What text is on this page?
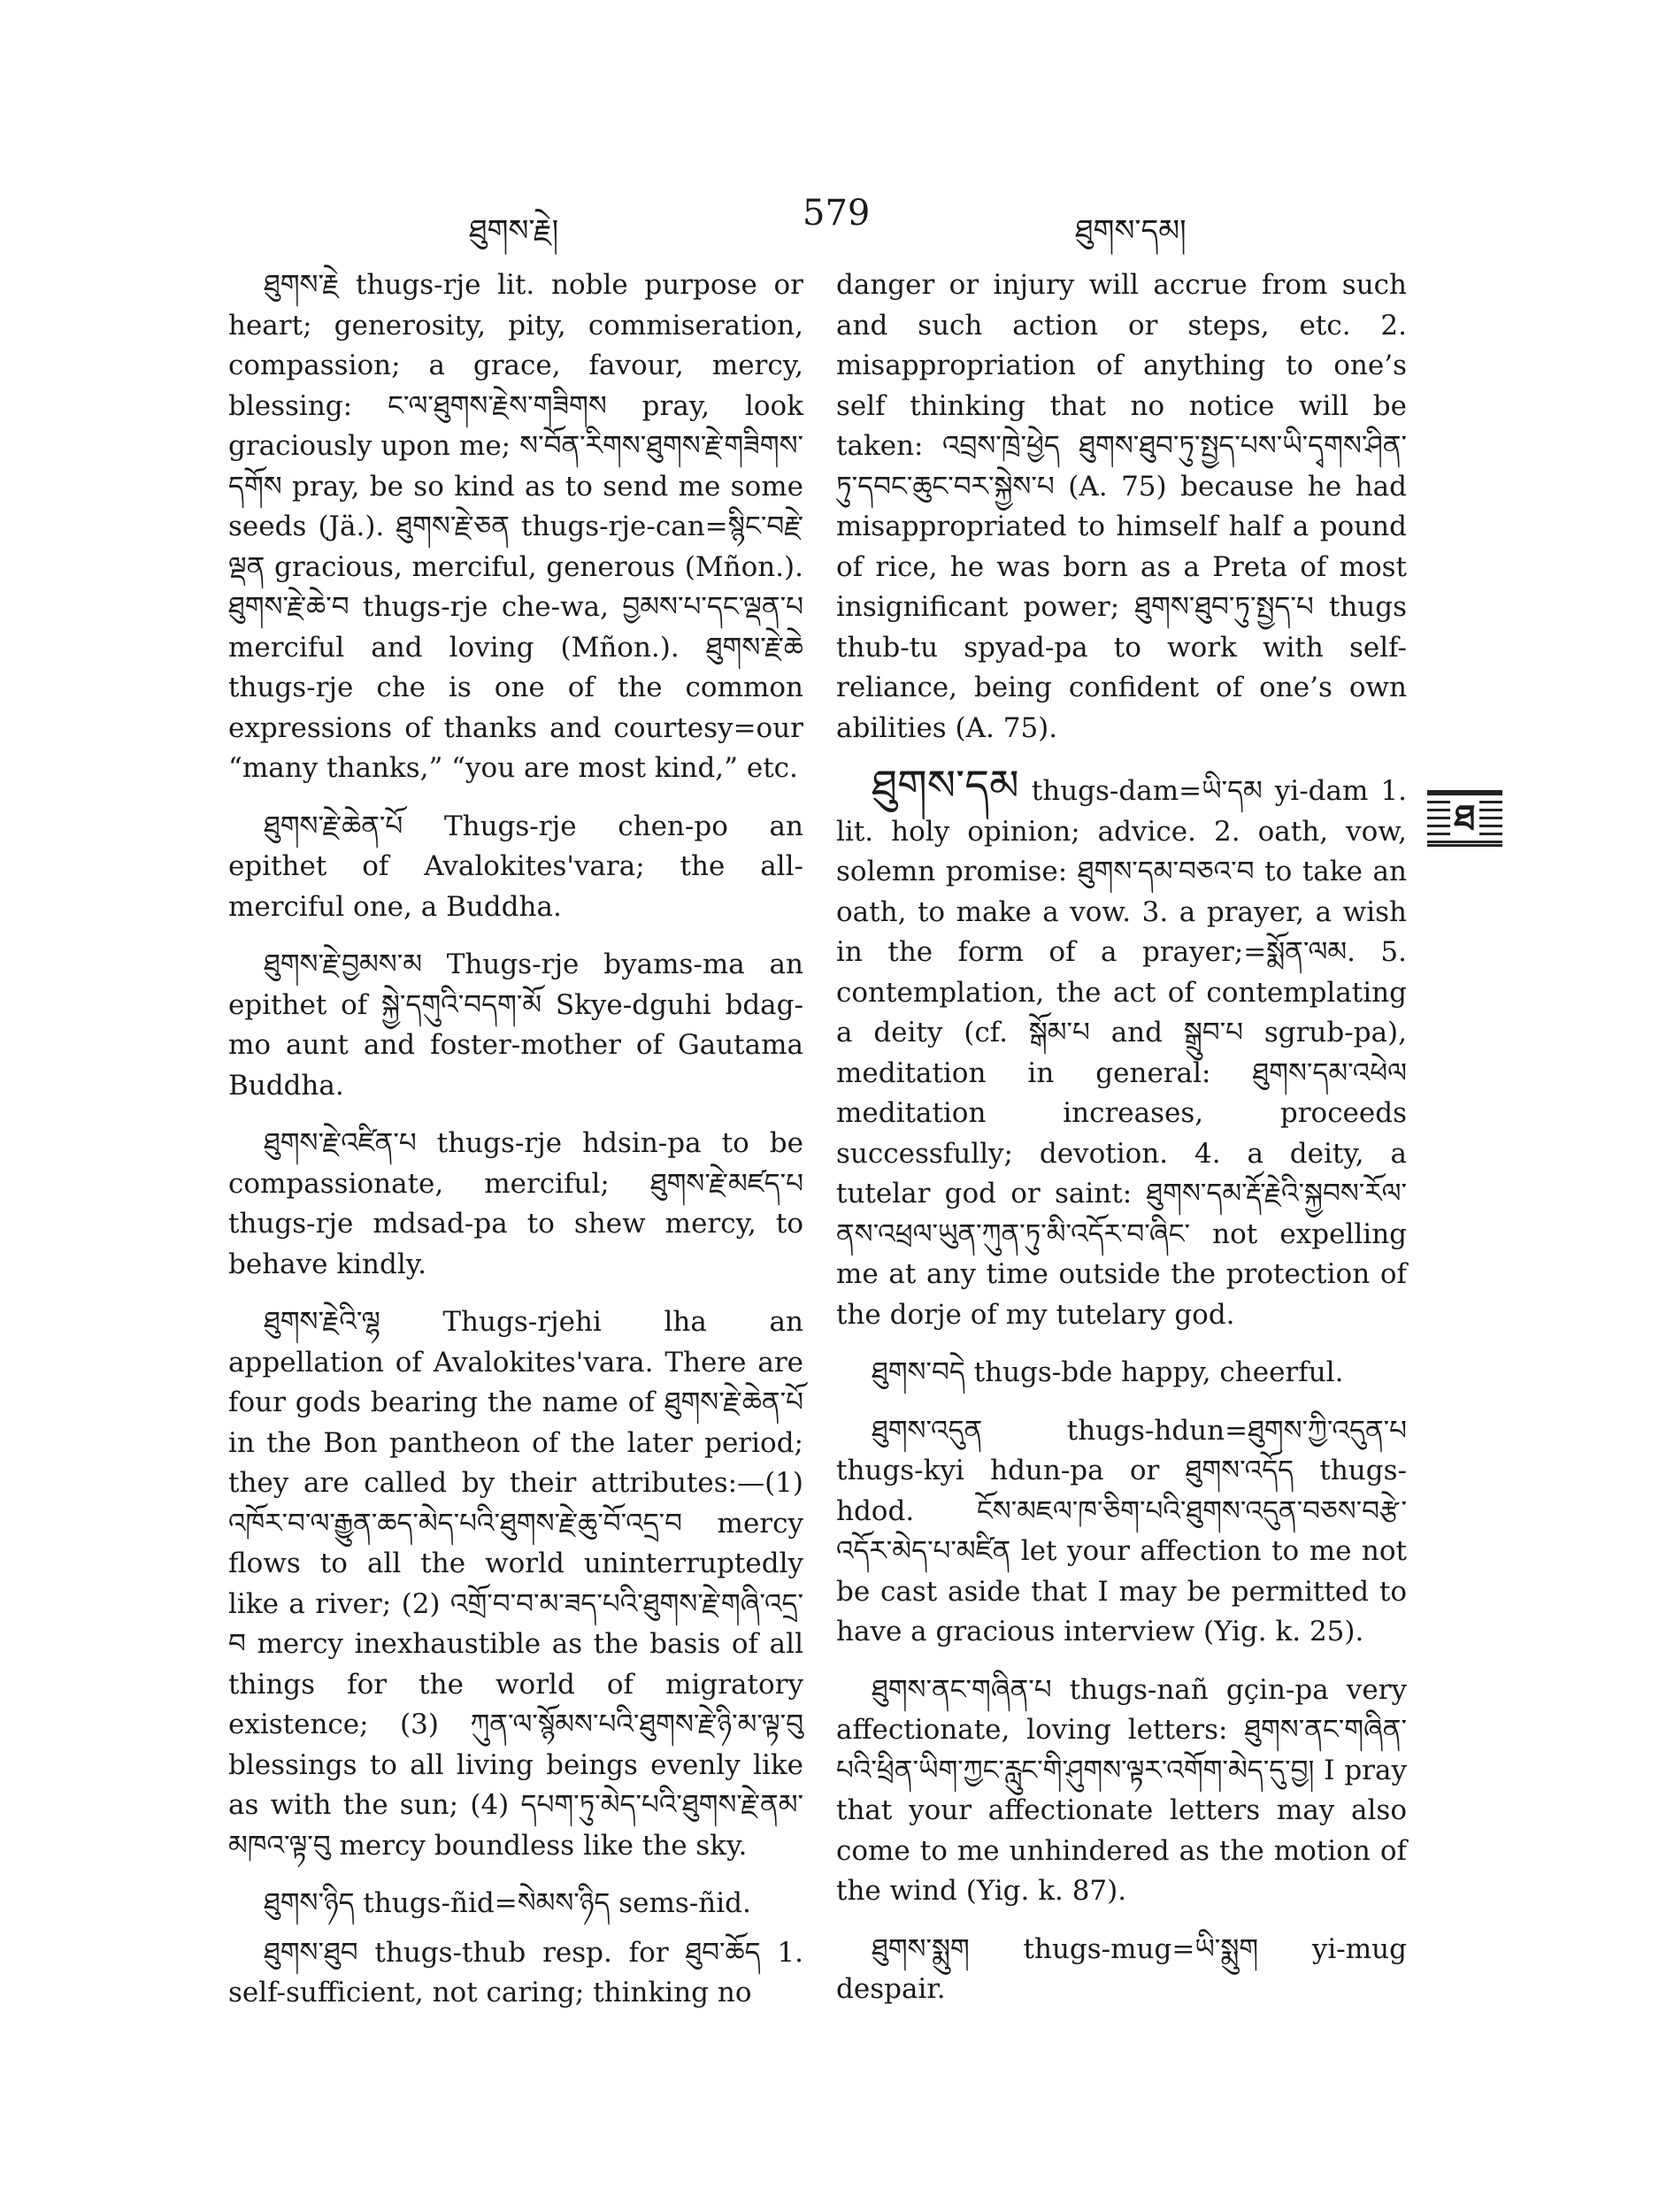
ཐུགས་རྗེ།	579	ཐུགས་དམ།

ཐུགས་རྗེ thugs-rje lit. noble purpose or heart; generosity, pity, commiseration, compassion; a grace, favour, mercy, blessing: ང་ལ་ཐུགས་རྗེས་གཟིགས pray, look graciously upon me; ས་བོན་རིགས་ཐུགས་རྗེ་གཟིགས་དགོས pray, be so kind as to send me some seeds (Jä.). ཐུགས་རྗེ་ཅན thugs-rje-can=སྙིང་བརྗེ་ལྡན gracious, merciful, generous (Mñon.). ཐུགས་རྗེ་ཆེ་བ thugs-rje che-wa, བྱམས་པ་དང་ལྡན་པ merciful and loving (Mñon.). ཐུགས་རྗེ་ཆེ thugs-rje che is one of the common expressions of thanks and courtesy=our “many thanks,” “you are most kind,” etc.

ཐུགས་རྗེ་ཆེན་པོ Thugs-rje chen-po an epithet of Avalokites'vara; the all-merciful one, a Buddha.

ཐུགས་རྗེ་བྱམས་མ Thugs-rje byams-ma an epithet of སྐྱེ་དགུའི་བདག་མོ Skye-dguhi bdag-mo aunt and foster-mother of Gautama Buddha.

ཐུགས་རྗེ་འཛིན་པ thugs-rje hdsin-pa to be compassionate, merciful; ཐུགས་རྗེ་མཛད་པ thugs-rje mdsad-pa to shew mercy, to behave kindly.

ཐུགས་རྗེའི་ལྷ Thugs-rjehi lha an appellation of Avalokites'vara. There are four gods bearing the name of ཐུགས་རྗེ་ཆེན་པོ in the Bon pantheon of the later period; they are called by their attributes:—(1) འཁོར་བ་ལ་རྒྱུན་ཆད་མེད་པའི་ཐུགས་རྗེ་ཆུ་བོ་འདྲ་བ mercy flows to all the world uninterruptedly like a river; (2) འགྲོ་བ་བ་མ་ཟད་པའི་ཐུགས་རྗེ་གཞི་འདྲ་བ mercy inexhaustible as the basis of all things for the world of migratory existence; (3) ཀུན་ལ་སྙོམས་པའི་ཐུགས་རྗེ་ཉི་མ་ལྟ་བུ blessings to all living beings evenly like as with the sun; (4) དཔག་ཏུ་མེད་པའི་ཐུགས་རྗེ་ནམ་མཁའ་ལྟ་བུ mercy boundless like the sky.

ཐུགས་ཉིད thugs-ñid=སེམས་ཉིད sems-ñid.

ཐུགས་ཐུབ thugs-thub resp. for ཐུབ་ཆོད 1. self-sufficient, not caring; thinking no

danger or injury will accrue from such and such action or steps, etc. 2. misappropriation of anything to one’s self thinking that no notice will be taken: འབྲས་ཁྲེ་ཕྱེད ཐུགས་ཐུབ་ཏུ་སྤྱད་པས་ཡི་དྭགས་ཤིན་ཏུ་དབང་ཆུང་བར་སྐྱེས་པ (A. 75) because he had misappropriated to himself half a pound of rice, he was born as a Preta of most insignificant power; ཐུགས་ཐུབ་ཏུ་སྤྱད་པ thugs thub-tu spyad-pa to work with self-reliance, being confident of one’s own abilities (A. 75).

ཐུགས་དམ thugs-dam=ཡི་དམ yi-dam 1. lit. holy opinion; advice. 2. oath, vow, solemn promise: ཐུགས་དམ་བཅའ་བ to take an oath, to make a vow. 3. a prayer, a wish in the form of a prayer;=སྨོན་ལམ. 5. contemplation, the act of contemplating a deity (cf. སྒོམ་པ and སྒྲུབ་པ sgrub-pa), meditation in general: ཐུགས་དམ་འཕེལ meditation increases, proceeds successfully; devotion. 4. a deity, a tutelar god or saint: ཐུགས་དམ་རྡོ་རྗེའི་སྐྱབས་རོལ་ནས་འཕྲལ་ཡུན་ཀུན་ཏུ་མི་འདོར་བ་ཞིང་ not expelling me at any time outside the protection of the dorje of my tutelary god.

ཐུགས་བདེ thugs-bde happy, cheerful.

ཐུགས་འདུན thugs-hdun=ཐུགས་ཀྱི་འདུན་པ thugs-kyi hdun-pa or ཐུགས་འདོད thugs-hdod. ངོས་མཇལ་ཁ་ཅིག་པའི་ཐུགས་འདུན་བཅས་བརྩེ་འདོར་མེད་པ་མཛིན let your affection to me not be cast aside that I may be permitted to have a gracious interview (Yig. k. 25).

ཐུགས་ནང་གཞིན་པ thugs-nañ gçin-pa very affectionate, loving letters: ཐུགས་ནང་གཞིན་པའི་ཕྲིན་ཡིག་ཀྱང་རླུང་གི་ཤུགས་ལྟར་འགོག་མེད་དུ་བྱ། I pray that your affectionate letters may also come to me unhindered as the motion of the wind (Yig. k. 87).

ཐུགས་སྨུག thugs-mug=ཡི་སྨུག yi-mug despair.

ཐ
